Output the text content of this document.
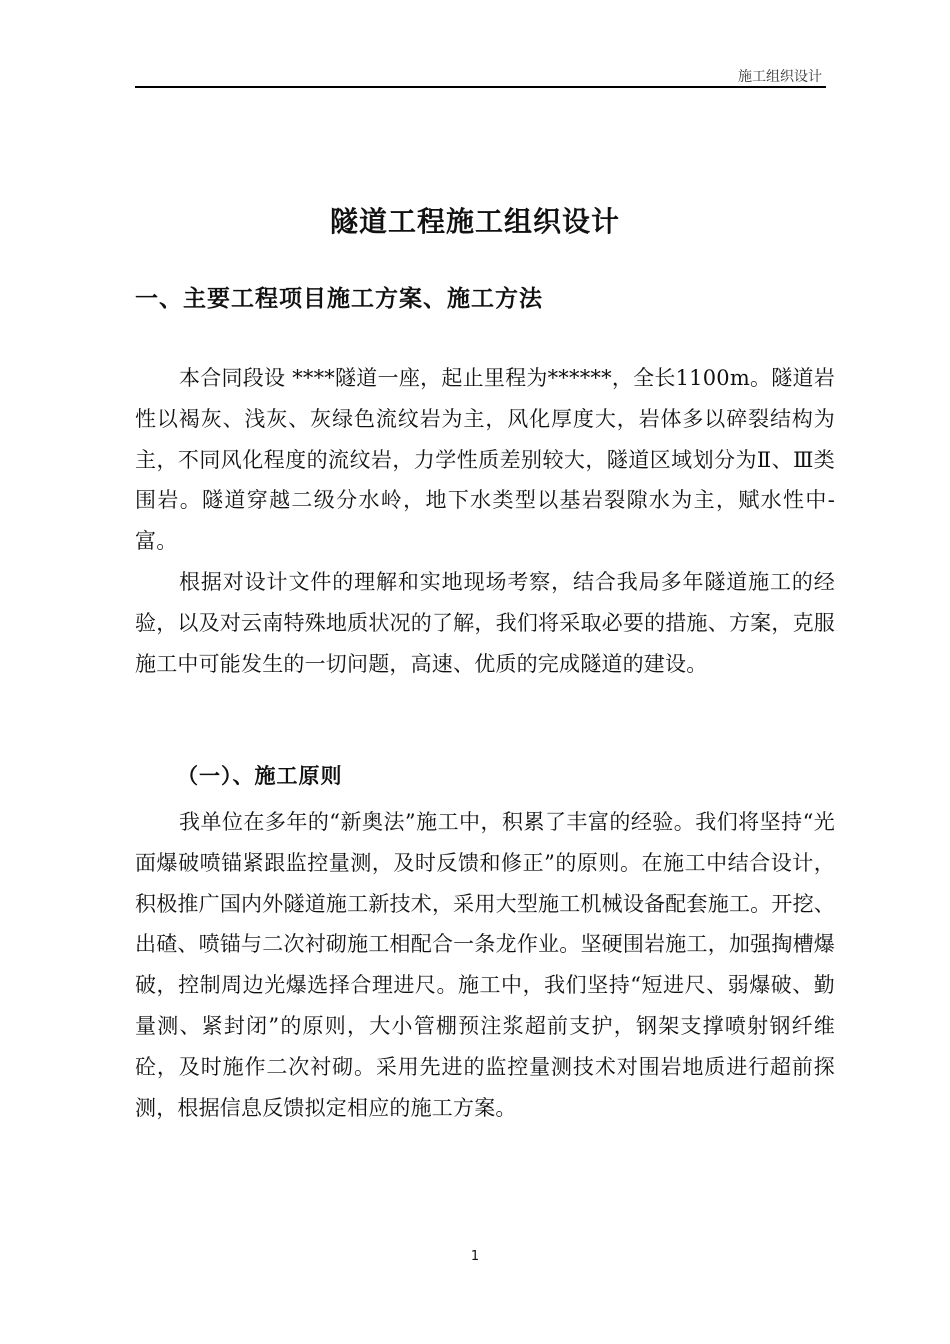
施工组织设计
隧道工程施工组织设计
一、主要工程项目施工方案、施工方法

本合同段设 ****隧道一座，起止里程为******，全长1100m。隧道岩性以褐灰、浅灰、灰绿色流纹岩为主，风化厚度大，岩体多以碎裂结构为主，不同风化程度的流纹岩，力学性质差别较大，隧道区域划分为Ⅱ、Ⅲ类围岩。隧道穿越二级分水岭，地下水类型以基岩裂隙水为主，赋水性中-富。

根据对设计文件的理解和实地现场考察，结合我局多年隧道施工的经验，以及对云南特殊地质状况的了解，我们将采取必要的措施、方案，克服施工中可能发生的一切问题，高速、优质的完成隧道的建设。

（一）、施工原则

我单位在多年的“新奥法”施工中，积累了丰富的经验。我们将坚持“光面爆破喷锚紧跟监控量测，及时反馈和修正”的原则。在施工中结合设计，积极推广国内外隧道施工新技术，采用大型施工机械设备配套施工。开挖、出碴、喷锚与二次衬砌施工相配合一条龙作业。坚硬围岩施工，加强掏槽爆破，控制周边光爆选择合理进尺。施工中，我们坚持“短进尺、弱爆破、勤量测、紧封闭”的原则，大小管棚预注浆超前支护，钢架支撑喷射钢纤维砼，及时施作二次衬砌。采用先进的监控量测技术对围岩地质进行超前探测，根据信息反馈拟定相应的施工方案。

1
